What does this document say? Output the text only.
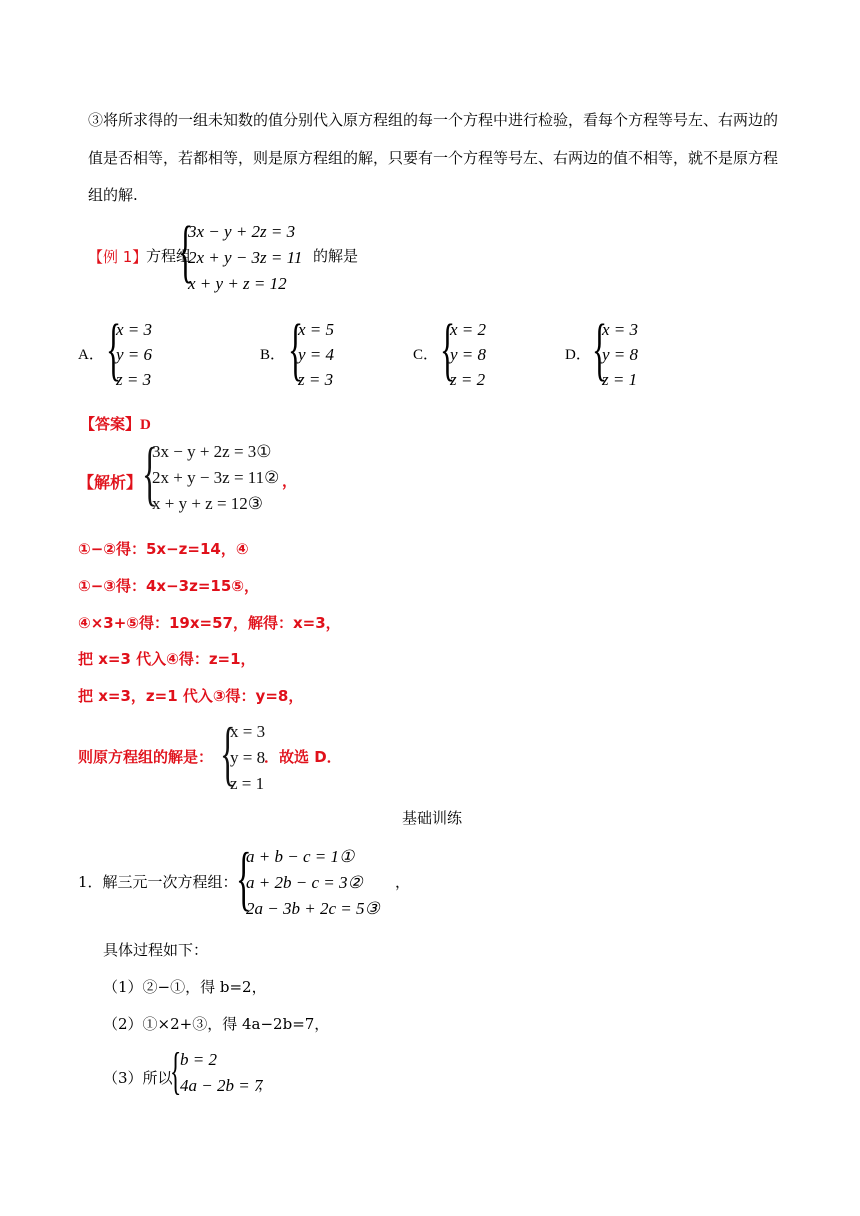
③将所求得的一组未知数的值分别代入原方程组的每一个方程中进行检验，看每个方程等号左、右两边的
值是否相等，若都相等，则是原方程组的解，只要有一个方程等号左、右两边的值不相等，就不是原方程
组的解.
【例 1】
方程组
{
3x − y + 2z = 3
2x + y − 3z = 11
x + y + z = 12
的解是
A． {
x = 3
y = 6
z = 3
B． {
x = 5
y = 4
z = 3
C． {
x = 2
y = 8
z = 2
D． {
x = 3
y = 8
z = 1
【答案】D
【解析】 {
3x − y + 2z = 3①
2x + y − 3z = 11②
x + y + z = 12③
，
①−②得：5x−z=14，④
①−③得：4x−3z=15⑤，
④×3+⑤得：19x=57，解得：x=3，
把 x=3 代入④得：z=1，
把 x=3，z=1 代入③得：y=8，
则原方程组的解是： {
x = 3
y = 8
z = 1
．故选 D．
基础训练
1．解三元一次方程组：
{
a + b − c = 1①
a + 2b − c = 3②
2a − 3b + 2c = 5③
，
具体过程如下：
（1）②−①，得 b=2，
（2）①×2+③，得 4a−2b=7，
（3）所以
{
b = 2
4a − 2b = 7
，
